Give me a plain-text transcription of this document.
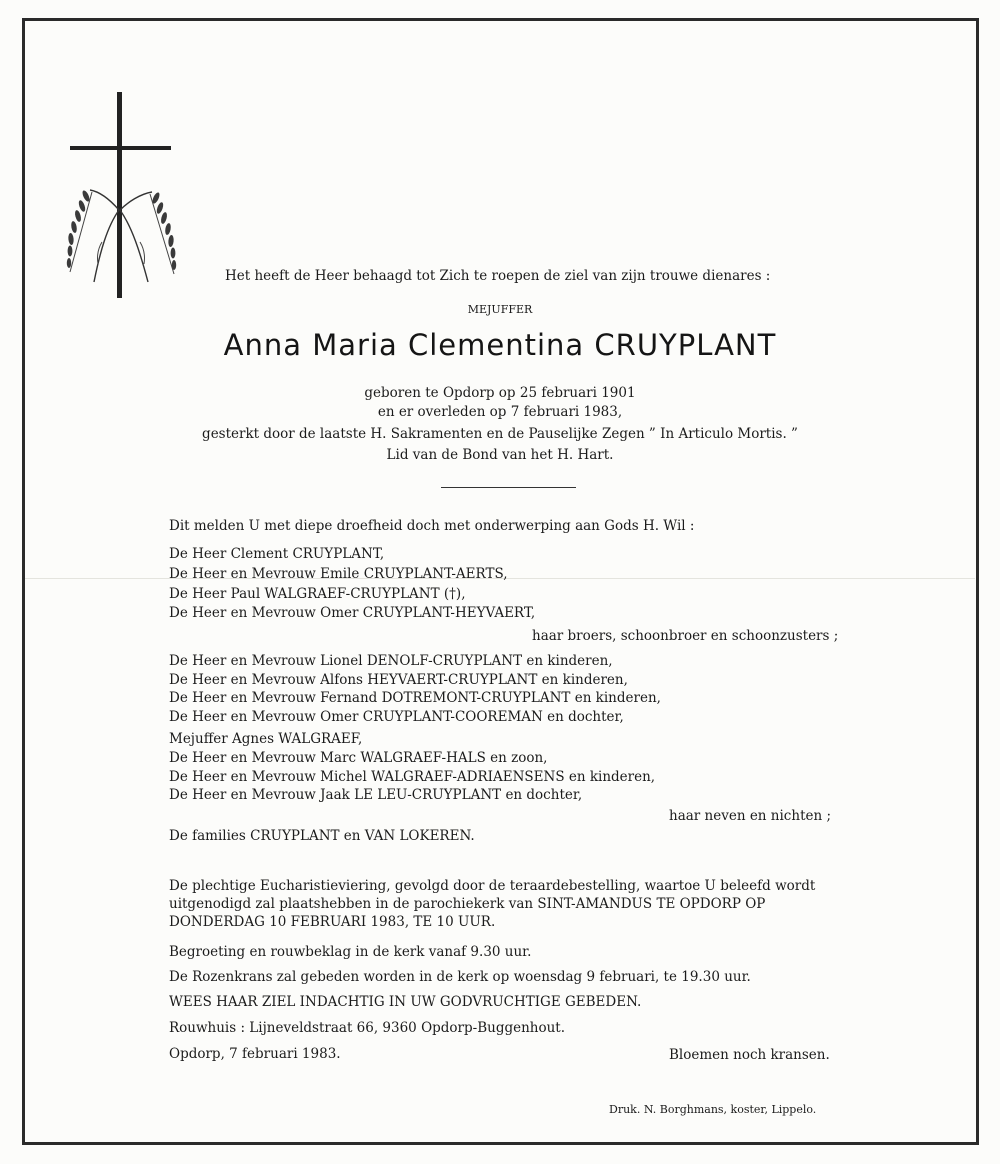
Het heeft de Heer behaagd tot Zich te roepen de ziel van zijn trouwe dienares :
MEJUFFER
Anna Maria Clementina CRUYPLANT
geboren te Opdorp op 25 februari 1901
en er overleden op 7 februari 1983,
gesterkt door de laatste H. Sakramenten en de Pauselijke Zegen ” In Articulo Mortis. ”
Lid van de Bond van het H. Hart.
Dit melden U met diepe droefheid doch met onderwerping aan Gods H. Wil :
De Heer Clement CRUYPLANT,
De Heer en Mevrouw Emile CRUYPLANT-AERTS,
De Heer Paul WALGRAEF-CRUYPLANT (†),
De Heer en Mevrouw Omer CRUYPLANT-HEYVAERT,
haar broers, schoonbroer en schoonzusters ;
De Heer en Mevrouw Lionel DENOLF-CRUYPLANT en kinderen,
De Heer en Mevrouw Alfons HEYVAERT-CRUYPLANT en kinderen,
De Heer en Mevrouw Fernand DOTREMONT-CRUYPLANT en kinderen,
De Heer en Mevrouw Omer CRUYPLANT-COOREMAN en dochter,
Mejuffer Agnes WALGRAEF,
De Heer en Mevrouw Marc WALGRAEF-HALS en zoon,
De Heer en Mevrouw Michel WALGRAEF-ADRIAENSENS en kinderen,
De Heer en Mevrouw Jaak LE LEU-CRUYPLANT en dochter,
haar neven en nichten ;
De families CRUYPLANT en VAN LOKEREN.
De plechtige Eucharistieviering, gevolgd door de teraardebestelling, waartoe U beleefd wordt
uitgenodigd zal plaatshebben in de parochiekerk van SINT-AMANDUS TE OPDORP OP
DONDERDAG 10 FEBRUARI 1983, TE 10 UUR.
Begroeting en rouwbeklag in de kerk vanaf 9.30 uur.
De Rozenkrans zal gebeden worden in de kerk op woensdag 9 februari, te 19.30 uur.
WEES HAAR ZIEL INDACHTIG IN UW GODVRUCHTIGE GEBEDEN.
Rouwhuis : Lijneveldstraat 66, 9360 Opdorp-Buggenhout.
Opdorp, 7 februari 1983.	Bloemen noch kransen.
Druk. N. Borghmans, koster, Lippelo.
